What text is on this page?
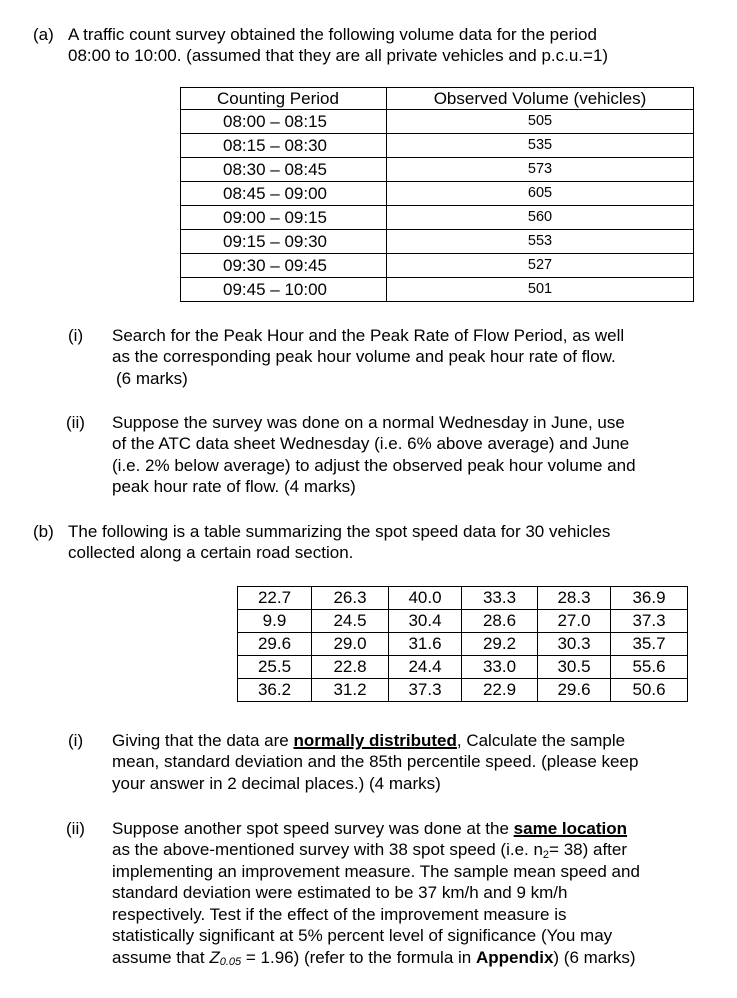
(a) A traffic count survey obtained the following volume data for the period
08:00 to 10:00. (assumed that they are all private vehicles and p.c.u.=1)
Counting Period	Observed Volume (vehicles)
08:00 – 08:15	505
08:15 – 08:30	535
08:30 – 08:45	573
08:45 – 09:00	605
09:00 – 09:15	560
09:15 – 09:30	553
09:30 – 09:45	527
09:45 – 10:00	501
(i) Search for the Peak Hour and the Peak Rate of Flow Period, as well
as the corresponding peak hour volume and peak hour rate of flow.
(6 marks)
(ii) Suppose the survey was done on a normal Wednesday in June, use
of the ATC data sheet Wednesday (i.e. 6% above average) and June
(i.e. 2% below average) to adjust the observed peak hour volume and
peak hour rate of flow. (4 marks)
(b) The following is a table summarizing the spot speed data for 30 vehicles
collected along a certain road section.
22.7	26.3	40.0	33.3	28.3	36.9
9.9	24.5	30.4	28.6	27.0	37.3
29.6	29.0	31.6	29.2	30.3	35.7
25.5	22.8	24.4	33.0	30.5	55.6
36.2	31.2	37.3	22.9	29.6	50.6
(i) Giving that the data are normally distributed, Calculate the sample
mean, standard deviation and the 85th percentile speed. (please keep
your answer in 2 decimal places.) (4 marks)
(ii) Suppose another spot speed survey was done at the same location
as the above-mentioned survey with 38 spot speed (i.e. n2= 38) after
implementing an improvement measure. The sample mean speed and
standard deviation were estimated to be 37 km/h and 9 km/h
respectively. Test if the effect of the improvement measure is
statistically significant at 5% percent level of significance (You may
assume that Z0.05 = 1.96) (refer to the formula in Appendix) (6 marks)
